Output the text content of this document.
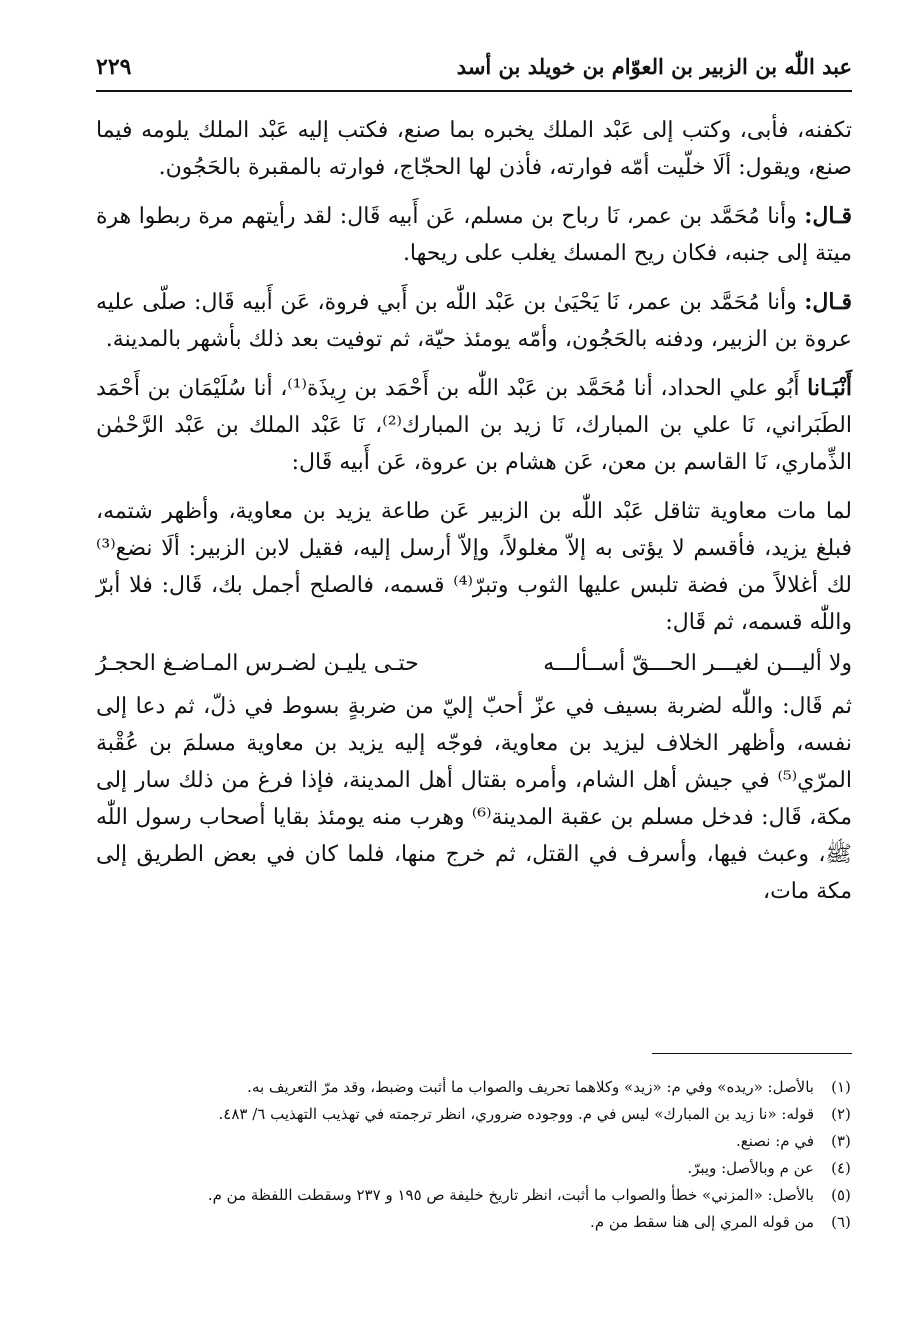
عبد اللّٰه بن الزبير بن العوّام بن خويلد بن أسد
٢٢٩

تكفنه، فأبى، وكتب إلى عَبْد الملك يخبره بما صنع، فكتب إليه عَبْد الملك يلومه فيما صنع، ويقول: ألَا خلّيت أمّه فوارته، فأذن لها الحجّاج، فوارته بالمقبرة بالحَجُون.

قـال: وأنا مُحَمَّد بن عمر، نَا رباح بن مسلم، عَن أَبيه قَال: لقد رأيتهم مرة ربطوا هرة ميتة إلى جنبه، فكان ريح المسك يغلب على ريحها.

قـال: وأنا مُحَمَّد بن عمر، نَا يَحْيَىٰ بن عَبْد اللّٰه بن أَبي فروة، عَن أَبيه قَال: صلّى عليه عروة بن الزبير، ودفنه بالحَجُون، وأمّه يومئذ حيّة، ثم توفيت بعد ذلك بأشهر بالمدينة.

أَنْبَـانا أَبُو علي الحداد، أنا مُحَمَّد بن عَبْد اللّٰه بن أَحْمَد بن رِيذَة⁽¹⁾، أنا سُلَيْمَان بن أَحْمَد الطَبَراني، نَا علي بن المبارك، نَا زيد بن المبارك⁽²⁾، نَا عَبْد الملك بن عَبْد الرَّحْمٰن الذِّماري، نَا القاسم بن معن، عَن هشام بن عروة، عَن أَبيه قَال:

لما مات معاوية تثاقل عَبْد اللّٰه بن الزبير عَن طاعة يزيد بن معاوية، وأظهر شتمه، فبلغ يزيد، فأقسم لا يؤتى به إلاّ مغلولاً، وإلاّ أرسل إليه، فقيل لابن الزبير: ألَا نضع⁽³⁾ لك أغلالاً من فضة تلبس عليها الثوب وتبرّ⁽⁴⁾ قسمه، فالصلح أجمل بك، قَال: فلا أبرّ واللّٰه قسمه، ثم قَال:

ولا أليـــن لغيـــر الحـــقّ أســألـــه
حتـى يليـن لضـرس المـاضـغ الحجـرُ

ثم قَال: واللّٰه لضربة بسيف في عزّ أحبّ إليّ من ضربةٍ بسوط في ذلّ، ثم دعا إلى نفسه، وأظهر الخلاف ليزيد بن معاوية، فوجّه إليه يزيد بن معاوية مسلمَ بن عُقْبة المرّي⁽⁵⁾ في جيش أهل الشام، وأمره بقتال أهل المدينة، فإذا فرغ من ذلك سار إلى مكة، قَال: فدخل مسلم بن عقبة المدينة⁽⁶⁾ وهرب منه يومئذ بقايا أصحاب رسول اللّٰه ﷺ، وعبث فيها، وأسرف في القتل، ثم خرج منها، فلما كان في بعض الطريق إلى مكة مات،

(١)
بالأصل: «ريده» وفي م: «زيد» وكلاهما تحريف والصواب ما أثبت وضبط، وقد مرّ التعريف به.
(٢)
قوله: «نا زيد بن المبارك» ليس في م. ووجوده ضروري، انظر ترجمته في تهذيب التهذيب ٦/ ٤٨٣.
(٣)
في م: نصنع.
(٤)
عن م وبالأصل: ويبرّ.
(٥)
بالأصل: «المزني» خطأ والصواب ما أثبت، انظر تاريخ خليفة ص ١٩٥ و ٢٣٧ وسقطت اللفظة من م.
(٦)
من قوله المري إلى هنا سقط من م.
